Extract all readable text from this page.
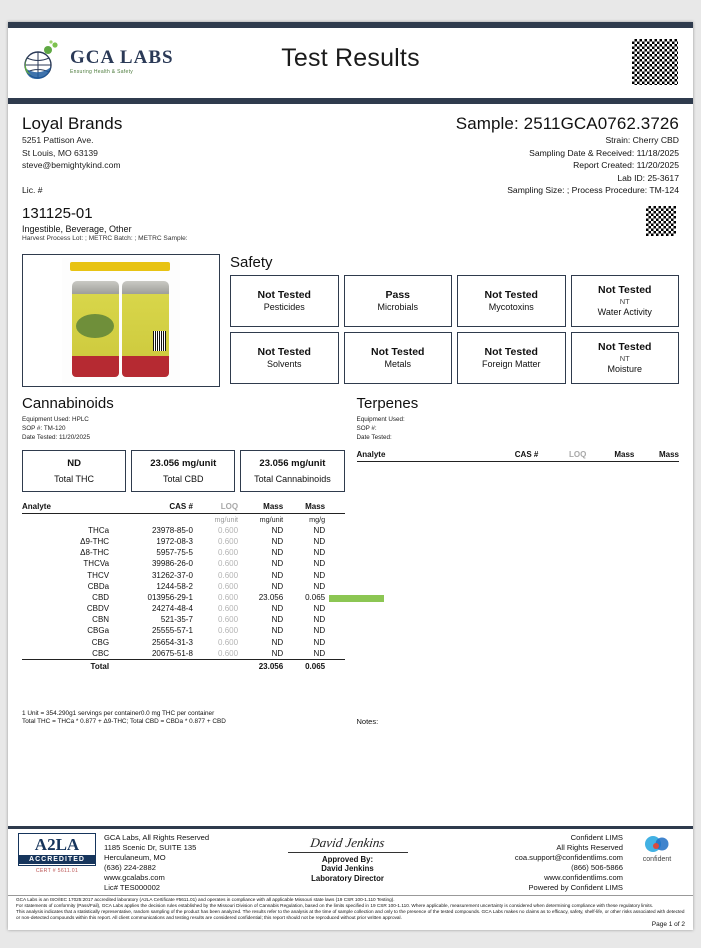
GCA LABS
Ensuring Health & Safety	Test Results
Loyal Brands
5251 Pattison Ave.
St Louis, MO 63139
steve@bemightykind.com
Lic. #
Sample: 2511GCA0762.3726
Strain: Cherry CBD
Sampling Date & Received: 11/18/2025
Report Created: 11/20/2025
Lab ID: 25-3617
Sampling Size: ; Process Procedure: TM-124
131125-01
Ingestible, Beverage, Other
Harvest Process Lot: ; METRC Batch: ; METRC Sample:
Safety
Not Tested
Pesticides
Pass
Microbials
Not Tested
Mycotoxins
Not Tested
NT
Water Activity
Not Tested
Solvents
Not Tested
Metals
Not Tested
Foreign Matter
Not Tested
NT
Moisture
Cannabinoids
Equipment Used: HPLC
SOP #: TM-120
Date Tested: 11/20/2025
ND
Total THC
23.056 mg/unit
Total CBD
23.056 mg/unit
Total Cannabinoids
Analyte	CAS #	LOQ	Mass	Mass	
		mg/unit	mg/unit	mg/g	
THCa	23978-85-0	0.600	ND	ND	
Δ9-THC	1972-08-3	0.600	ND	ND	
Δ8-THC	5957-75-5	0.600	ND	ND	
THCVa	39986-26-0	0.600	ND	ND	
THCV	31262-37-0	0.600	ND	ND	
CBDa	1244-58-2	0.600	ND	ND	
CBD	013956-29-1	0.600	23.056	0.065	

CBDV	24274-48-4	0.600	ND	ND	
CBN	521-35-7	0.600	ND	ND	
CBGa	25555-57-1	0.600	ND	ND	
CBG	25654-31-3	0.600	ND	ND	
CBC	20675-51-8	0.600	ND	ND	
Total			23.056	0.065	
1 Unit = 354.290g1 servings per container0.0 mg THC per container
Total THC = THCa * 0.877 + Δ9-THC; Total CBD = CBDa * 0.877 + CBD
Terpenes
Equipment Used:
SOP #:
Date Tested:
Analyte	CAS #	LOQ	Mass	Mass
Notes:
A2LA
ACCREDITED
CERT # 5611.01
GCA Labs, All Rights Reserved
1185 Scenic Dr, SUITE 135
Herculaneum, MO
(636) 224-2882
www.gcalabs.com
Lic# TES000002
David Jenkins
Approved By:
David Jenkins
Laboratory Director
Confident LIMS
All Rights Reserved
coa.support@confidentlims.com
(866) 506-5866
www.confidentlims.com
Powered by Confident LIMS
confident
GCA Labs is an ISO/IEC 17025:2017 accredited laboratory (A2LA Certificate #5611.01) and operates in compliance with all applicable Missouri state laws (19 CSR 100-1.110 Testing).
For statements of conformity (Pass/Fail), GCA Labs applies the decision rules established by the Missouri Division of Cannabis Regulation, based on the limits specified in 19 CSR 100-1.110. Where applicable, measurement uncertainty is considered when determining compliance with these regulatory limits.
This analysis indicates that a statistically representative, random sampling of the product has been analyzed. The results refer to the analysis at the time of sample collection and only to the presence of the tested compounds. GCA Labs makes no claims as to efficacy, safety, shelf-life, or other risks associated with detected or non-detected compounds within this report. All client communications and testing results are considered confidential; this report should not be reproduced without prior written approval.
Page 1 of 2
